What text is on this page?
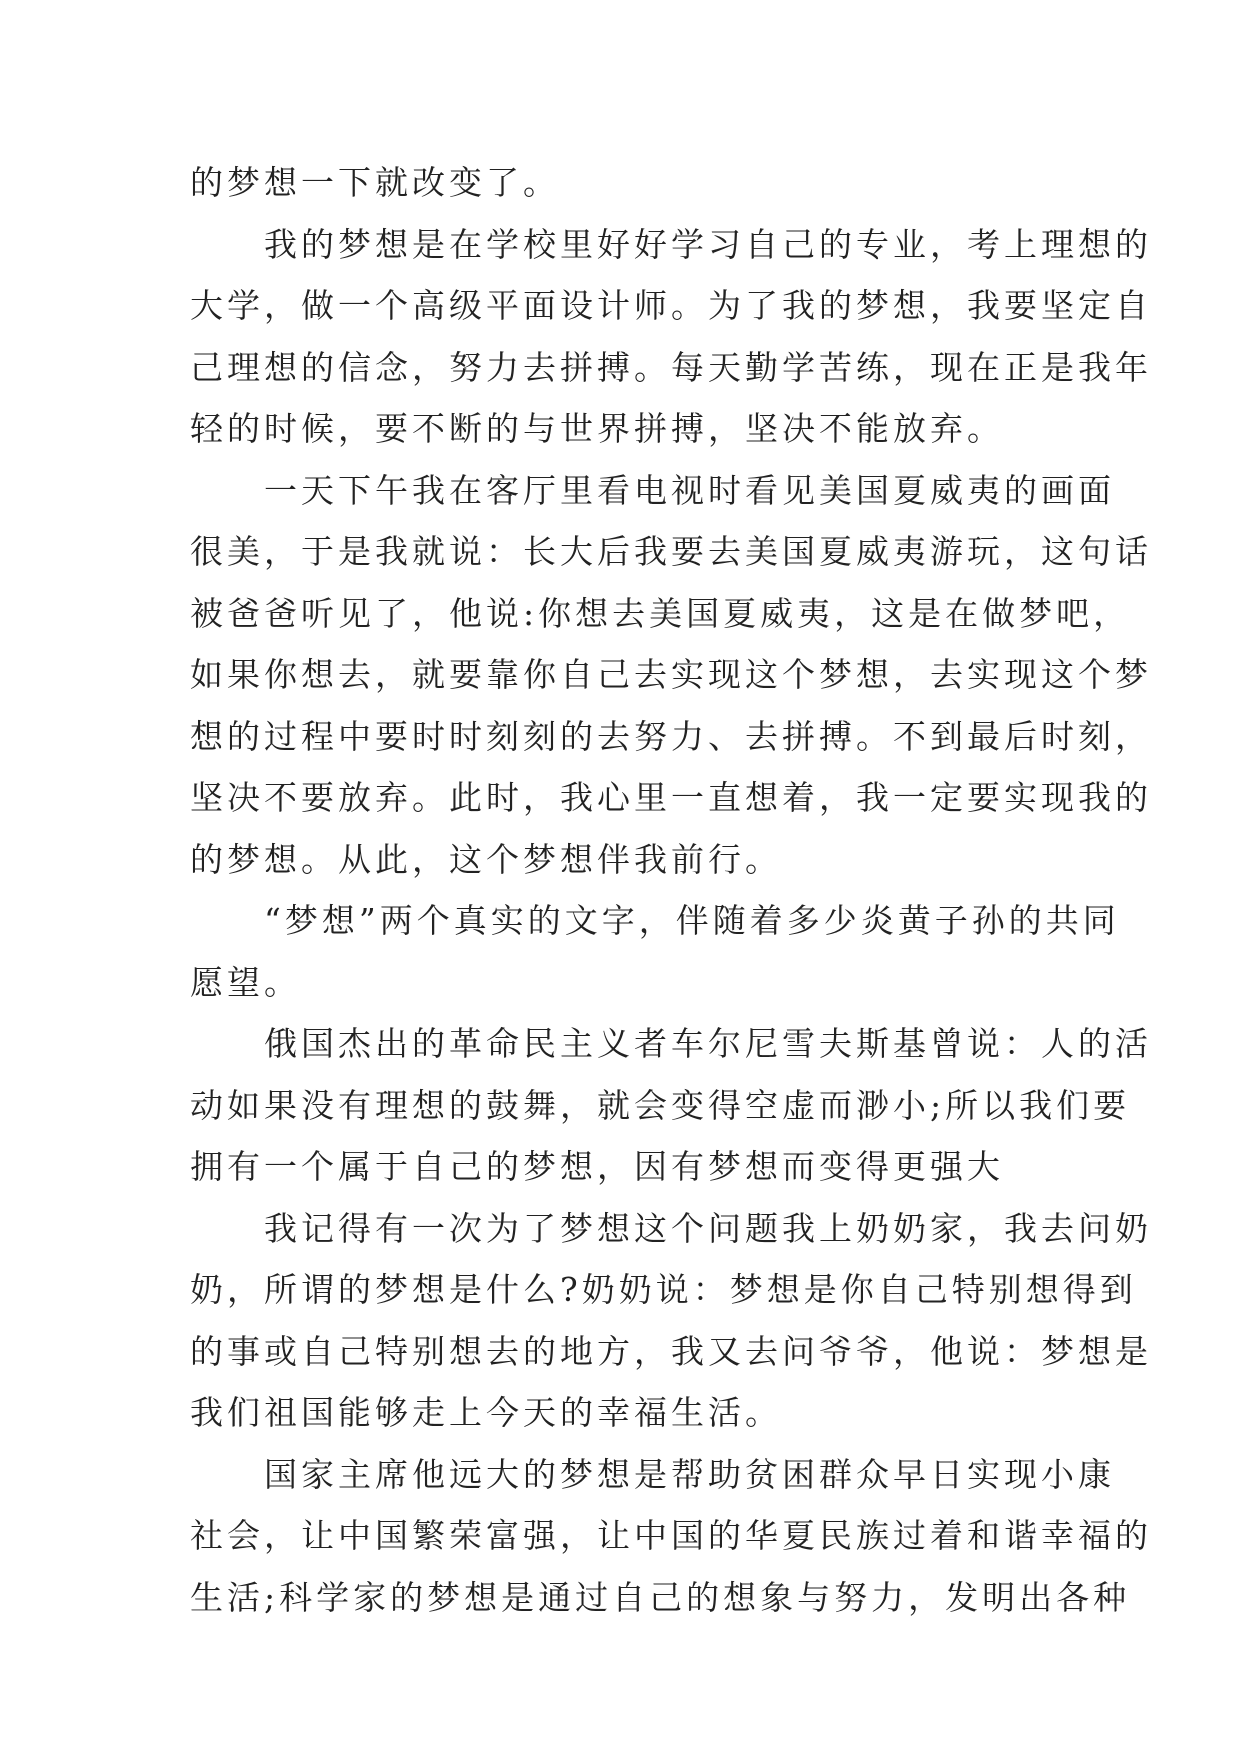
的梦想一下就改变了。
我的梦想是在学校里好好学习自己的专业，考上理想的
大学，做一个高级平面设计师。为了我的梦想，我要坚定自
己理想的信念，努力去拼搏。每天勤学苦练，现在正是我年
轻的时候，要不断的与世界拼搏，坚决不能放弃。
一天下午我在客厅里看电视时看见美国夏威夷的画面
很美，于是我就说：长大后我要去美国夏威夷游玩，这句话
被爸爸听见了，他说:你想去美国夏威夷，这是在做梦吧，
如果你想去，就要靠你自己去实现这个梦想，去实现这个梦
想的过程中要时时刻刻的去努力、去拼搏。不到最后时刻，
坚决不要放弃。此时，我心里一直想着，我一定要实现我的
的梦想。从此，这个梦想伴我前行。
“梦想”两个真实的文字，伴随着多少炎黄子孙的共同
愿望。
俄国杰出的革命民主义者车尔尼雪夫斯基曾说：人的活
动如果没有理想的鼓舞，就会变得空虚而渺小;所以我们要
拥有一个属于自己的梦想，因有梦想而变得更强大
我记得有一次为了梦想这个问题我上奶奶家，我去问奶
奶，所谓的梦想是什么?奶奶说：梦想是你自己特别想得到
的事或自己特别想去的地方，我又去问爷爷，他说：梦想是
我们祖国能够走上今天的幸福生活。
国家主席他远大的梦想是帮助贫困群众早日实现小康
社会，让中国繁荣富强，让中国的华夏民族过着和谐幸福的
生活;科学家的梦想是通过自己的想象与努力，发明出各种
